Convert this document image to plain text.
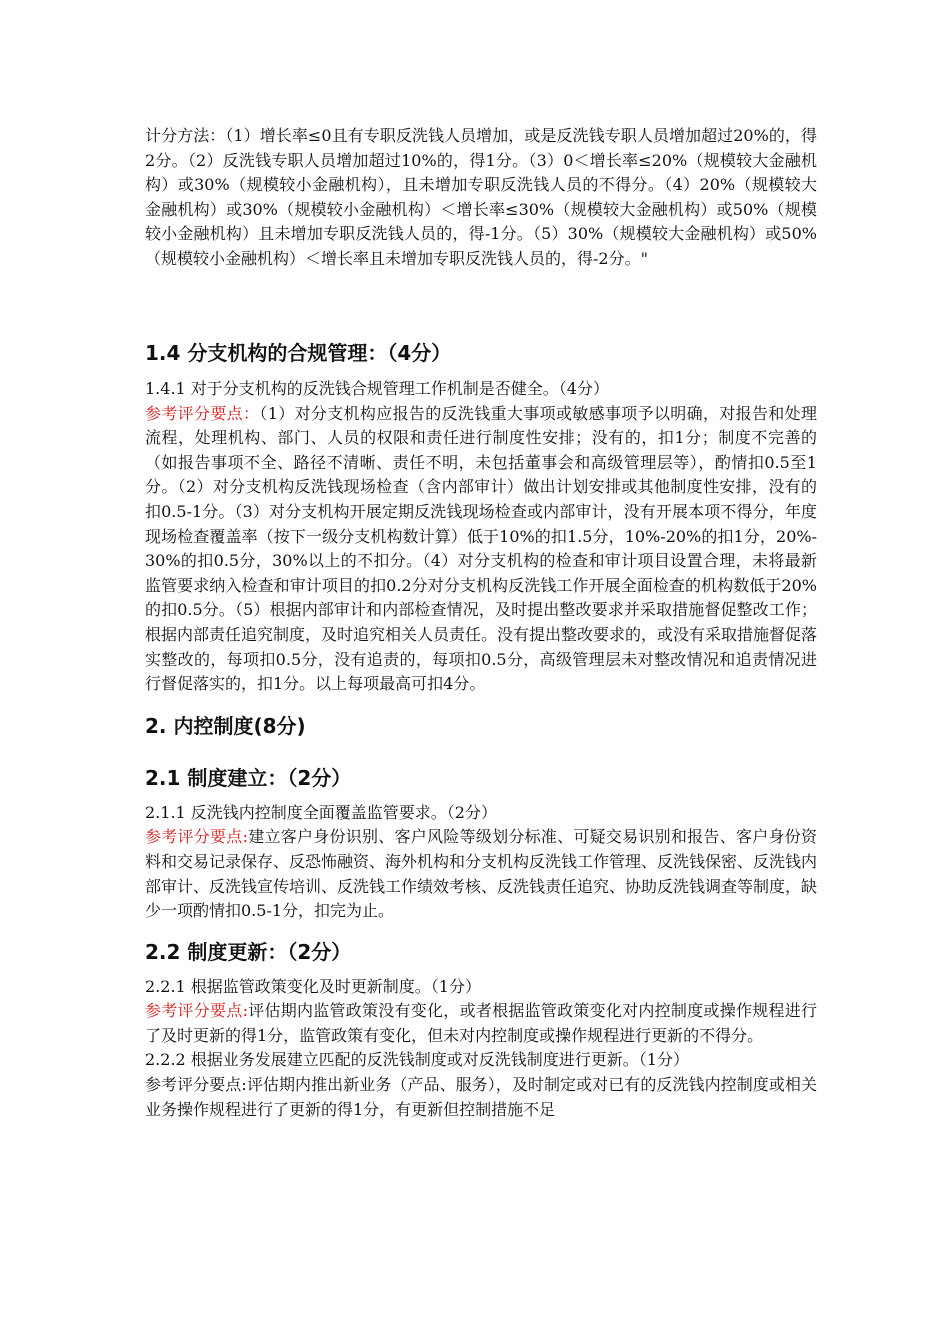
计分方法：（1）增长率≤0且有专职反洗钱人员增加，或是反洗钱专职人员增加超过20%的，得2分。（2）反洗钱专职人员增加超过10%的，得1分。（3）0＜增长率≤20%（规模较大金融机构）或30%（规模较小金融机构），且未增加专职反洗钱人员的不得分。（4）20%（规模较大金融机构）或30%（规模较小金融机构）＜增长率≤30%（规模较大金融机构）或50%（规模较小金融机构）且未增加专职反洗钱人员的，得-1分。（5）30%（规模较大金融机构）或50%（规模较小金融机构）＜增长率且未增加专职反洗钱人员的，得-2分。"

1.4 分支机构的合规管理：（4分）

1.4.1 对于分支机构的反洗钱合规管理工作机制是否健全。（4分）

参考评分要点：（1）对分支机构应报告的反洗钱重大事项或敏感事项予以明确，对报告和处理流程，处理机构、部门、人员的权限和责任进行制度性安排；没有的，扣1分；制度不完善的（如报告事项不全、路径不清晰、责任不明，未包括董事会和高级管理层等），酌情扣0.5至1分。（2）对分支机构反洗钱现场检查（含内部审计）做出计划安排或其他制度性安排，没有的扣0.5-1分。（3）对分支机构开展定期反洗钱现场检查或内部审计，没有开展本项不得分，年度现场检查覆盖率（按下一级分支机构数计算）低于10%的扣1.5分，10%-20%的扣1分，20%-30%的扣0.5分，30%以上的不扣分。（4）对分支机构的检查和审计项目设置合理，未将最新监管要求纳入检查和审计项目的扣0.2分对分支机构反洗钱工作开展全面检查的机构数低于20%的扣0.5分。（5）根据内部审计和内部检查情况，及时提出整改要求并采取措施督促整改工作；根据内部责任追究制度，及时追究相关人员责任。没有提出整改要求的，或没有采取措施督促落实整改的，每项扣0.5分，没有追责的，每项扣0.5分，高级管理层未对整改情况和追责情况进行督促落实的，扣1分。以上每项最高可扣4分。

2. 内控制度(8分)
2.1 制度建立：（2分）

2.1.1 反洗钱内控制度全面覆盖监管要求。（2分）

参考评分要点:建立客户身份识别、客户风险等级划分标准、可疑交易识别和报告、客户身份资料和交易记录保存、反恐怖融资、海外机构和分支机构反洗钱工作管理、反洗钱保密、反洗钱内部审计、反洗钱宣传培训、反洗钱工作绩效考核、反洗钱责任追究、协助反洗钱调查等制度，缺少一项酌情扣0.5-1分，扣完为止。

2.2 制度更新：（2分）

2.2.1 根据监管政策变化及时更新制度。（1分）

参考评分要点:评估期内监管政策没有变化，或者根据监管政策变化对内控制度或操作规程进行了及时更新的得1分，监管政策有变化，但未对内控制度或操作规程进行更新的不得分。

2.2.2 根据业务发展建立匹配的反洗钱制度或对反洗钱制度进行更新。（1分）

参考评分要点:评估期内推出新业务（产品、服务），及时制定或对已有的反洗钱内控制度或相关业务操作规程进行了更新的得1分，有更新但控制措施不足
